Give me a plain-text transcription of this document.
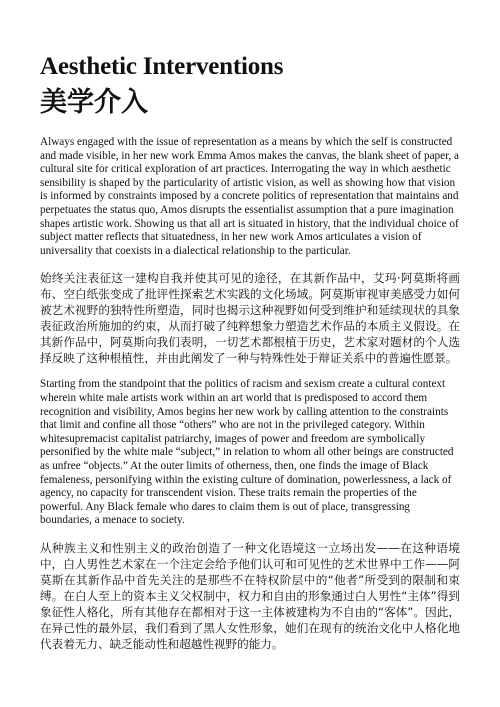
Aesthetic Interventions
美学介入

Always engaged with the issue of representation as a means by which the self is constructed and made visible, in her new work Emma Amos makes the canvas, the blank sheet of paper, a cultural site for critical exploration of art practices. Interrogating the way in which aesthetic sensibility is shaped by the particularity of artistic vision, as well as showing how that vision is informed by constraints imposed by a concrete politics of representation that maintains and perpetuates the status quo, Amos disrupts the essentialist assumption that a pure imagination shapes artistic work. Showing us that all art is situated in history, that the individual choice of subject matter reflects that situatedness, in her new work Amos articulates a vision of universality that coexists in a dialectical relationship to the particular.

始终关注表征这一建构自我并使其可见的途径，在其新作品中，艾玛·阿莫斯将画布、空白纸张变成了批评性探索艺术实践的文化场域。阿莫斯审视审美感受力如何被艺术视野的独特性所塑造，同时也揭示这种视野如何受到维护和延续现状的具象表征政治所施加的约束，从而打破了纯粹想象力塑造艺术作品的本质主义假设。在其新作品中，阿莫斯向我们表明，一切艺术都根植于历史，艺术家对题材的个人选择反映了这种根植性，并由此阐发了一种与特殊性处于辩证关系中的普遍性愿景。

Starting from the standpoint that the politics of racism and sexism create a cultural context wherein white male artists work within an art world that is predisposed to accord them recognition and visibility, Amos begins her new work by calling attention to the constraints that limit and confine all those “others” who are not in the privileged category. Within whitesupremacist capitalist patriarchy, images of power and freedom are symbolically personified by the white male “subject,” in relation to whom all other beings are constructed as unfree “objects.” At the outer limits of otherness, then, one finds the image of Black femaleness, personifying within the existing culture of domination, powerlessness, a lack of agency, no capacity for transcendent vision. These traits remain the properties of the powerful. Any Black female who dares to claim them is out of place, transgressing boundaries, a menace to society.

从种族主义和性别主义的政治创造了一种文化语境这一立场出发——在这种语境中，白人男性艺术家在一个注定会给予他们认可和可见性的艺术世界中工作——阿莫斯在其新作品中首先关注的是那些不在特权阶层中的“他者”所受到的限制和束缚。在白人至上的资本主义父权制中，权力和自由的形象通过白人男性“主体”得到象征性人格化，所有其他存在都相对于这一主体被建构为不自由的“客体”。因此，在异己性的最外层，我们看到了黑人女性形象，她们在现有的统治文化中人格化地代表着无力、缺乏能动性和超越性视野的能力。
